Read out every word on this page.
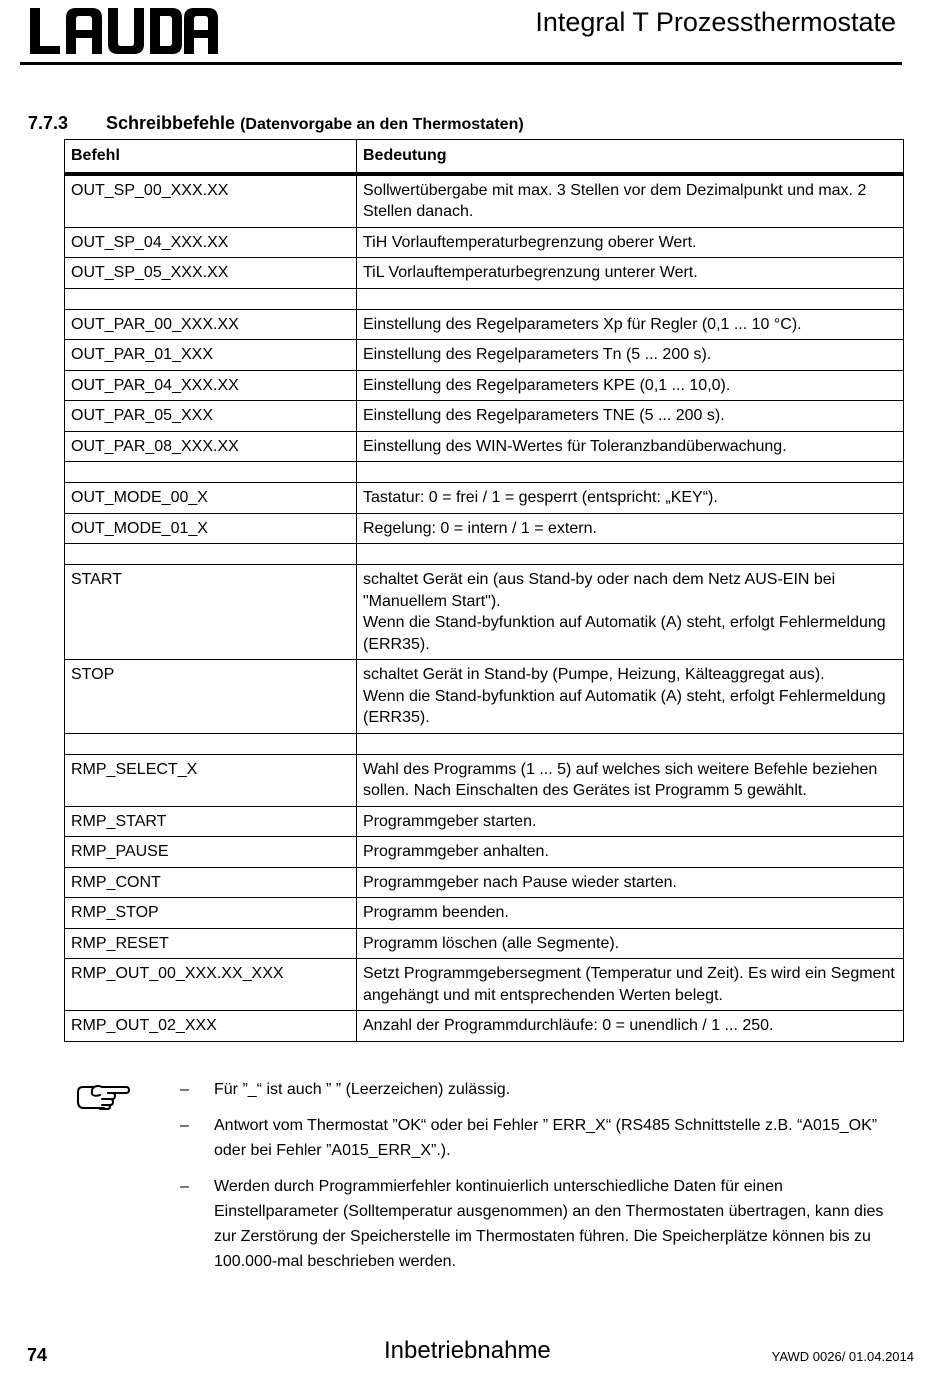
Integral T Prozessthermostate
7.7.3 Schreibbefehle (Datenvorgabe an den Thermostaten)
Befehl	Bedeutung
OUT_SP_00_XXX.XX	Sollwertübergabe mit max. 3 Stellen vor dem Dezimalpunkt und max. 2 Stellen danach.
OUT_SP_04_XXX.XX	TiH Vorlauftemperaturbegrenzung oberer Wert.
OUT_SP_05_XXX.XX	TiL Vorlauftemperaturbegrenzung unterer Wert.

OUT_PAR_00_XXX.XX	Einstellung des Regelparameters Xp für Regler (0,1 ... 10 °C).
OUT_PAR_01_XXX	Einstellung des Regelparameters Tn (5 ... 200 s).
OUT_PAR_04_XXX.XX	Einstellung des Regelparameters KPE (0,1 ... 10,0).
OUT_PAR_05_XXX	Einstellung des Regelparameters TNE (5 ... 200 s).
OUT_PAR_08_XXX.XX	Einstellung des WIN-Wertes für Toleranzbandüberwachung.

OUT_MODE_00_X	Tastatur: 0 = frei / 1 = gesperrt (entspricht: „KEY“).
OUT_MODE_01_X	Regelung: 0 = intern / 1 = extern.

START	schaltet Gerät ein (aus Stand-by oder nach dem Netz AUS-EIN bei "Manuellem Start").
Wenn die Stand-byfunktion auf Automatik (A) steht, erfolgt Fehlermeldung (ERR35).
STOP	schaltet Gerät in Stand-by (Pumpe, Heizung, Kälteaggregat aus).
Wenn die Stand-byfunktion auf Automatik (A) steht, erfolgt Fehlermeldung (ERR35).

RMP_SELECT_X	Wahl des Programms (1 ... 5) auf welches sich weitere Befehle beziehen sollen. Nach Einschalten des Gerätes ist Programm 5 gewählt.
RMP_START	Programmgeber starten.
RMP_PAUSE	Programmgeber anhalten.
RMP_CONT	Programmgeber nach Pause wieder starten.
RMP_STOP	Programm beenden.
RMP_RESET	Programm löschen (alle Segmente).
RMP_OUT_00_XXX.XX_XXX	Setzt Programmgebersegment (Temperatur und Zeit). Es wird ein Segment angehängt und mit entsprechenden Werten belegt.
RMP_OUT_02_XXX	Anzahl der Programmdurchläufe: 0 = unendlich / 1 ... 250.
– Für ”_“ ist auch ” ” (Leerzeichen) zulässig.
– Antwort vom Thermostat ”OK“ oder bei Fehler ” ERR_X“ (RS485 Schnittstelle z.B. “A015_OK” oder bei Fehler ”A015_ERR_X”.).
– Werden durch Programmierfehler kontinuierlich unterschiedliche Daten für einen Einstellparameter (Solltemperatur ausgenommen) an den Thermostaten übertragen, kann dies zur Zerstörung der Speicherstelle im Thermostaten führen. Die Speicherplätze können bis zu 100.000-mal beschrieben werden.
74	Inbetriebnahme	YAWD 0026/ 01.04.2014
